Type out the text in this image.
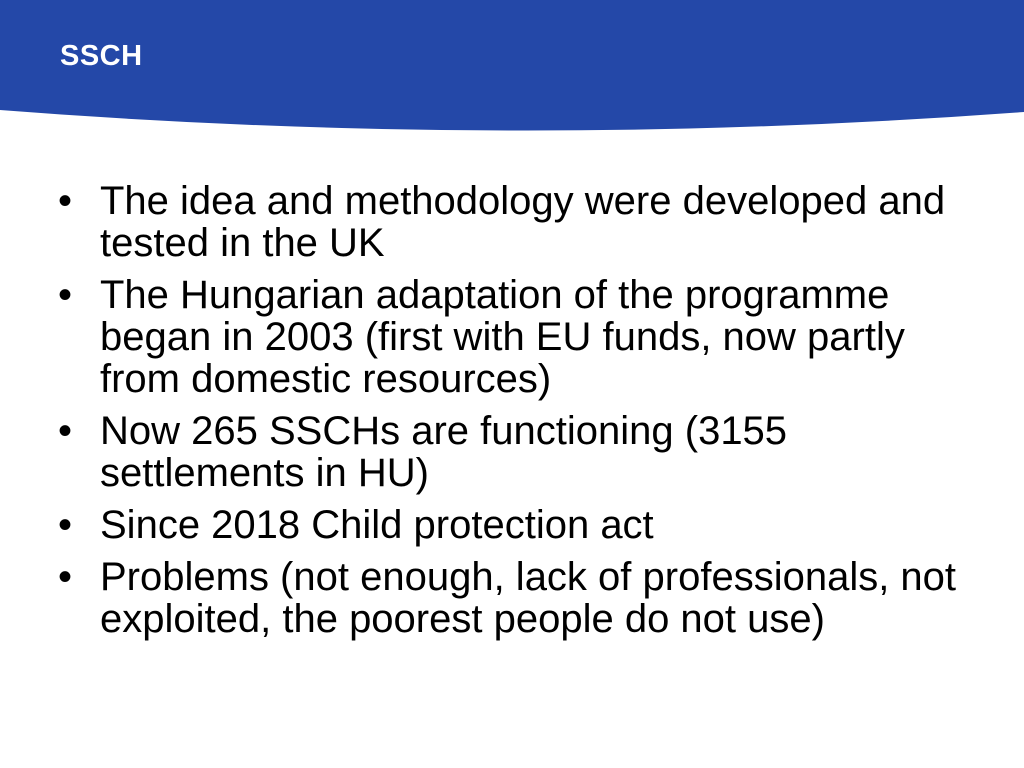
SSCH
• The idea and methodology were developed and tested in the UK
• The Hungarian adaptation of the programme began in 2003 (first with EU funds, now partly from domestic resources)
• Now 265 SSCHs are functioning (3155 settlements in HU)
• Since 2018 Child protection act
• Problems (not enough, lack of professionals, not exploited, the poorest people do not use)
